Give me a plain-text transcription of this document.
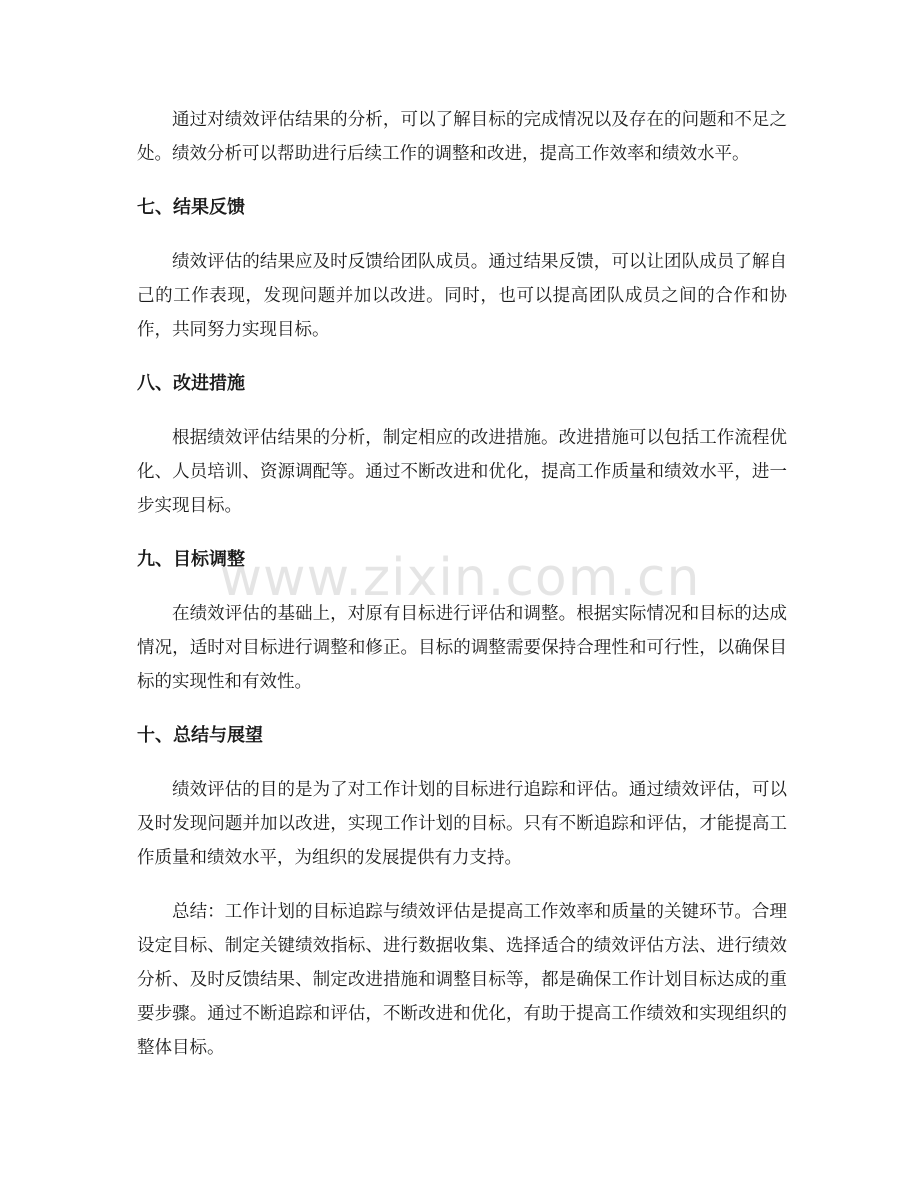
通过对绩效评估结果的分析，可以了解目标的完成情况以及存在的问题和不足之处。绩效分析可以帮助进行后续工作的调整和改进，提高工作效率和绩效水平。

七、结果反馈

绩效评估的结果应及时反馈给团队成员。通过结果反馈，可以让团队成员了解自己的工作表现，发现问题并加以改进。同时，也可以提高团队成员之间的合作和协作，共同努力实现目标。

八、改进措施

根据绩效评估结果的分析，制定相应的改进措施。改进措施可以包括工作流程优化、人员培训、资源调配等。通过不断改进和优化，提高工作质量和绩效水平，进一步实现目标。

九、目标调整

在绩效评估的基础上，对原有目标进行评估和调整。根据实际情况和目标的达成情况，适时对目标进行调整和修正。目标的调整需要保持合理性和可行性，以确保目标的实现性和有效性。

十、总结与展望

绩效评估的目的是为了对工作计划的目标进行追踪和评估。通过绩效评估，可以及时发现问题并加以改进，实现工作计划的目标。只有不断追踪和评估，才能提高工作质量和绩效水平，为组织的发展提供有力支持。

总结：工作计划的目标追踪与绩效评估是提高工作效率和质量的关键环节。合理设定目标、制定关键绩效指标、进行数据收集、选择适合的绩效评估方法、进行绩效分析、及时反馈结果、制定改进措施和调整目标等，都是确保工作计划目标达成的重要步骤。通过不断追踪和评估，不断改进和优化，有助于提高工作绩效和实现组织的整体目标。

www.zixin.com.cn
